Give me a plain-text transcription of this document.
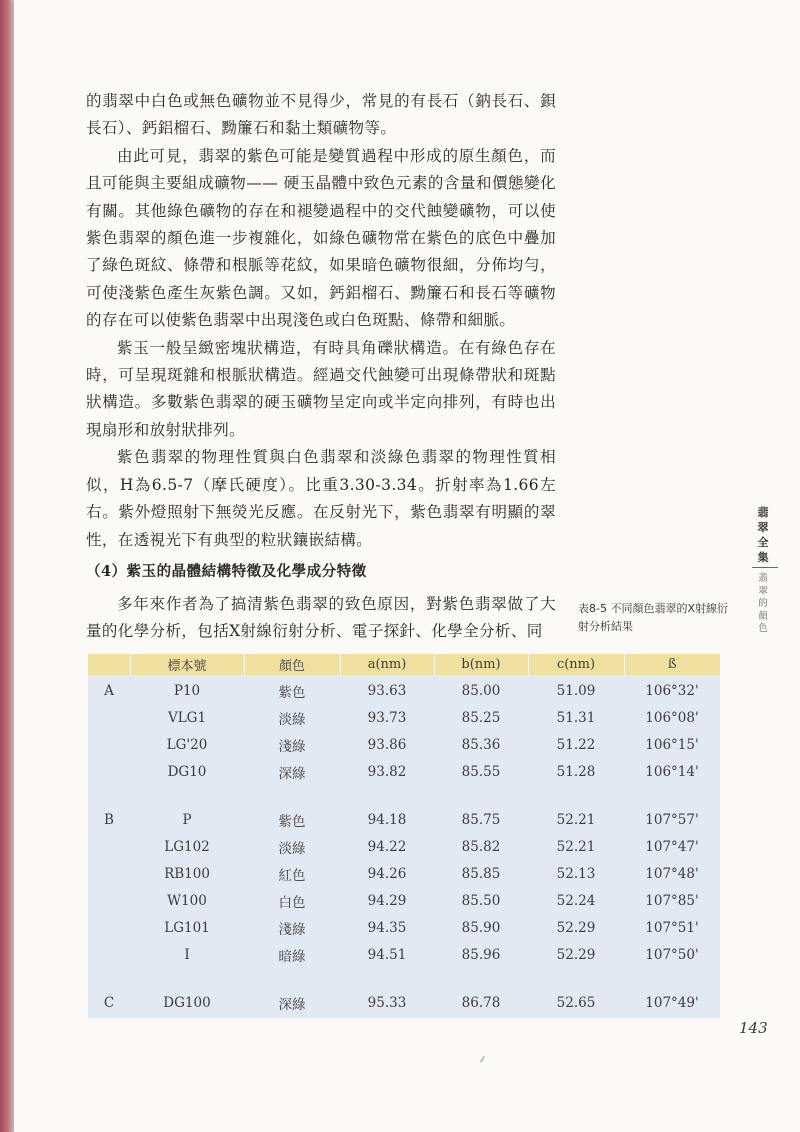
的翡翠中白色或無色礦物並不見得少，常見的有長石（鈉長石、鋇長石）、鈣鋁榴石、黝簾石和黏土類礦物等。

由此可見，翡翠的紫色可能是變質過程中形成的原生顏色，而且可能與主要組成礦物—— 硬玉晶體中致色元素的含量和價態變化有關。其他綠色礦物的存在和褪變過程中的交代蝕變礦物，可以使紫色翡翠的顏色進一步複雜化，如綠色礦物常在紫色的底色中疊加了綠色斑紋、條帶和根脈等花紋，如果暗色礦物很細，分佈均勻，可使淺紫色產生灰紫色調。又如，鈣鋁榴石、黝簾石和長石等礦物的存在可以使紫色翡翠中出現淺色或白色斑點、條帶和細脈。

紫玉一般呈緻密塊狀構造，有時具角礫狀構造。在有綠色存在時，可呈現斑雜和根脈狀構造。經過交代蝕變可出現條帶狀和斑點狀構造。多數紫色翡翠的硬玉礦物呈定向或半定向排列，有時也出現扇形和放射狀排列。

紫色翡翠的物理性質與白色翡翠和淡綠色翡翠的物理性質相似，H為6.5-7（摩氏硬度）。比重3.30-3.34。折射率為1.66左右。紫外燈照射下無熒光反應。在反射光下，紫色翡翠有明顯的翠性，在透視光下有典型的粒狀鑲嵌結構。

（4）紫玉的晶體結構特徵及化學成分特徵

多年來作者為了搞清紫色翡翠的致色原因，對紫色翡翠做了大量的化學分析，包括X射線衍射分析、電子探針、化學全分析、同

表8-5 不同顏色翡翠的X射線衍射分析結果
翡翠全集
翡翠的顏色
	標本號	顏色	a(nm)	b(nm)	c(nm)	ß
A	P10	紫色	93.63	85.00	51.09	106°32'
	VLG1	淡綠	93.73	85.25	51.31	106°08'
	LG'20	淺綠	93.86	85.36	51.22	106°15'
	DG10	深綠	93.82	85.55	51.28	106°14'

B	P	紫色	94.18	85.75	52.21	107°57'
	LG102	淡綠	94.22	85.82	52.21	107°47'
	RB100	紅色	94.26	85.85	52.13	107°48'
	W100	白色	94.29	85.50	52.24	107°85'
	LG101	淺綠	94.35	85.90	52.29	107°51'
	I	暗綠	94.51	85.96	52.29	107°50'

C	DG100	深綠	95.33	86.78	52.65	107°49'
143
⸙
